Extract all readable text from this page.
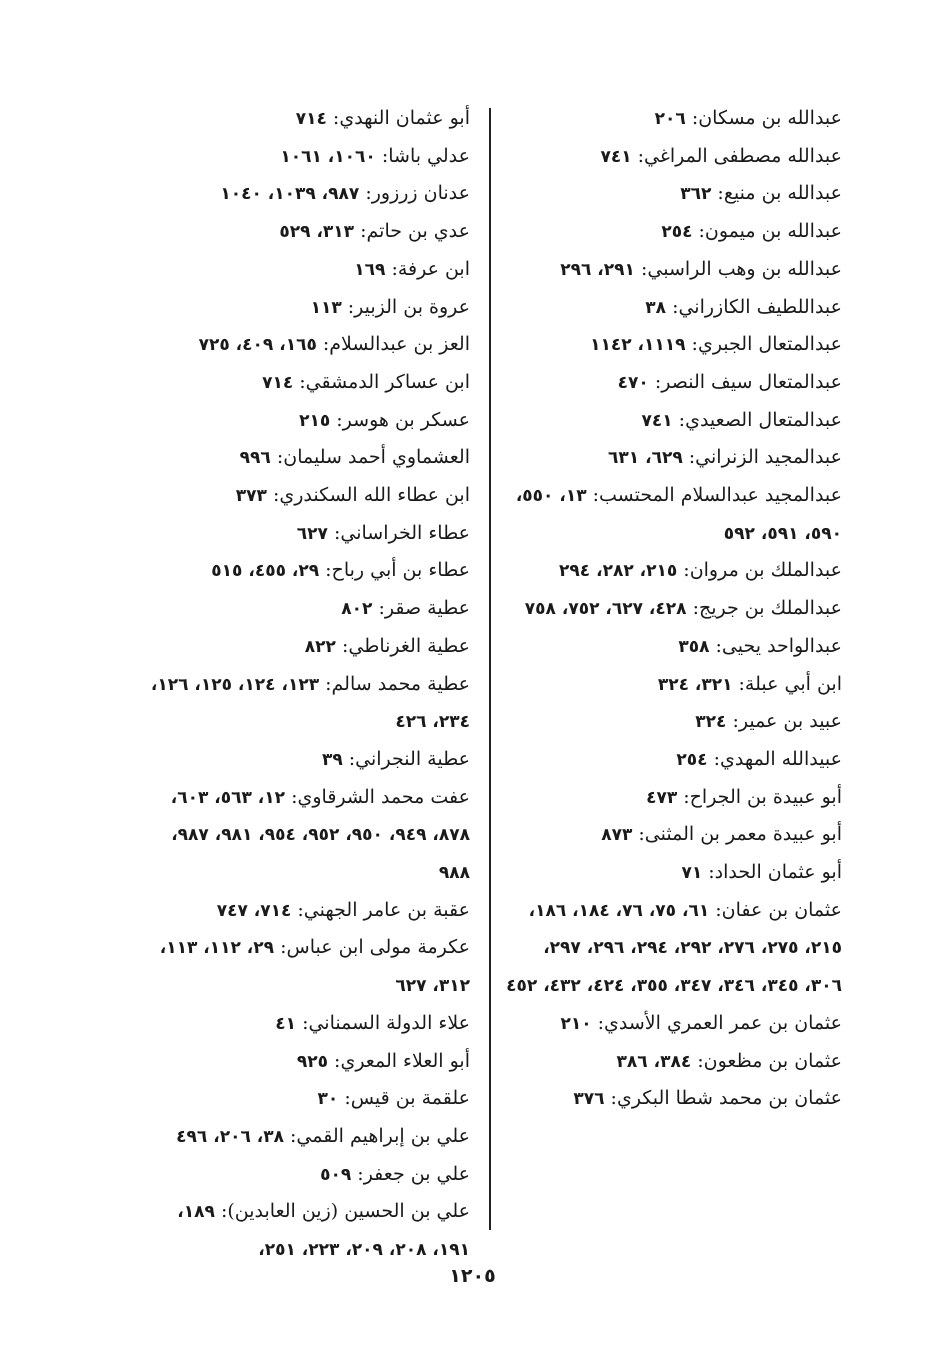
عبدالله بن مسكان: ٢٠٦

عبدالله مصطفى المراغي: ٧٤١

عبدالله بن منيع: ٣٦٢

عبدالله بن ميمون: ٢٥٤

عبدالله بن وهب الراسبي: ٢٩١، ٢٩٦

عبداللطيف الكازراني: ٣٨

عبدالمتعال الجبري: ١١١٩، ١١٤٢

عبدالمتعال سيف النصر: ٤٧٠

عبدالمتعال الصعيدي: ٧٤١

عبدالمجيد الزنراني: ٦٢٩، ٦٣١

عبدالمجيد عبدالسلام المحتسب: ١٣، ٥٥٠، ٥٩٠، ٥٩١، ٥٩٢

عبدالملك بن مروان: ٢١٥، ٢٨٢، ٢٩٤

عبدالملك بن جريج: ٤٢٨، ٦٢٧، ٧٥٢، ٧٥٨

عبدالواحد يحيى: ٣٥٨

ابن أبي عبلة: ٣٢١، ٣٢٤

عبيد بن عمير: ٣٢٤

عبيدالله المهدي: ٢٥٤

أبو عبيدة بن الجراح: ٤٧٣

أبو عبيدة معمر بن المثنى: ٨٧٣

أبو عثمان الحداد: ٧١

عثمان بن عفان: ٦١، ٧٥، ٧٦، ١٨٤، ١٨٦، ٢١٥، ٢٧٥، ٢٧٦، ٢٩٢، ٢٩٤، ٢٩٦، ٢٩٧، ٣٠٦، ٣٤٥، ٣٤٦، ٣٤٧، ٣٥٥، ٤٢٤، ٤٣٢، ٤٥٢

عثمان بن عمر العمري الأسدي: ٢١٠

عثمان بن مظعون: ٣٨٤، ٣٨٦

عثمان بن محمد شطا البكري: ٣٧٦

أبو عثمان النهدي: ٧١٤

عدلي باشا: ١٠٦٠، ١٠٦١

عدنان زرزور: ٩٨٧، ١٠٣٩، ١٠٤٠

عدي بن حاتم: ٣١٣، ٥٢٩

ابن عرفة: ١٦٩

عروة بن الزبير: ١١٣

العز بن عبدالسلام: ١٦٥، ٤٠٩، ٧٢٥

ابن عساكر الدمشقي: ٧١٤

عسكر بن هوسر: ٢١٥

العشماوي أحمد سليمان: ٩٩٦

ابن عطاء الله السكندري: ٣٧٣

عطاء الخراساني: ٦٢٧

عطاء بن أبي رباح: ٢٩، ٤٥٥، ٥١٥

عطية صقر: ٨٠٢

عطية الغرناطي: ٨٢٢

عطية محمد سالم: ١٢٣، ١٢٤، ١٢٥، ١٢٦، ٢٣٤، ٤٢٦

عطية النجراني: ٣٩

عفت محمد الشرقاوي: ١٢، ٥٦٣، ٦٠٣، ٨٧٨، ٩٤٩، ٩٥٠، ٩٥٢، ٩٥٤، ٩٨١، ٩٨٧، ٩٨٨

عقبة بن عامر الجهني: ٧١٤، ٧٤٧

عكرمة مولى ابن عباس: ٢٩، ١١٢، ١١٣، ٣١٢، ٦٢٧

علاء الدولة السمناني: ٤١

أبو العلاء المعري: ٩٢٥

علقمة بن قيس: ٣٠

علي بن إبراهيم القمي: ٣٨، ٢٠٦، ٤٩٦

علي بن جعفر: ٥٠٩

علي بن الحسين (زين العابدين): ١٨٩، ١٩١، ٢٠٨، ٢٠٩، ٢٢٣، ٢٥١،

١٢٠٥
